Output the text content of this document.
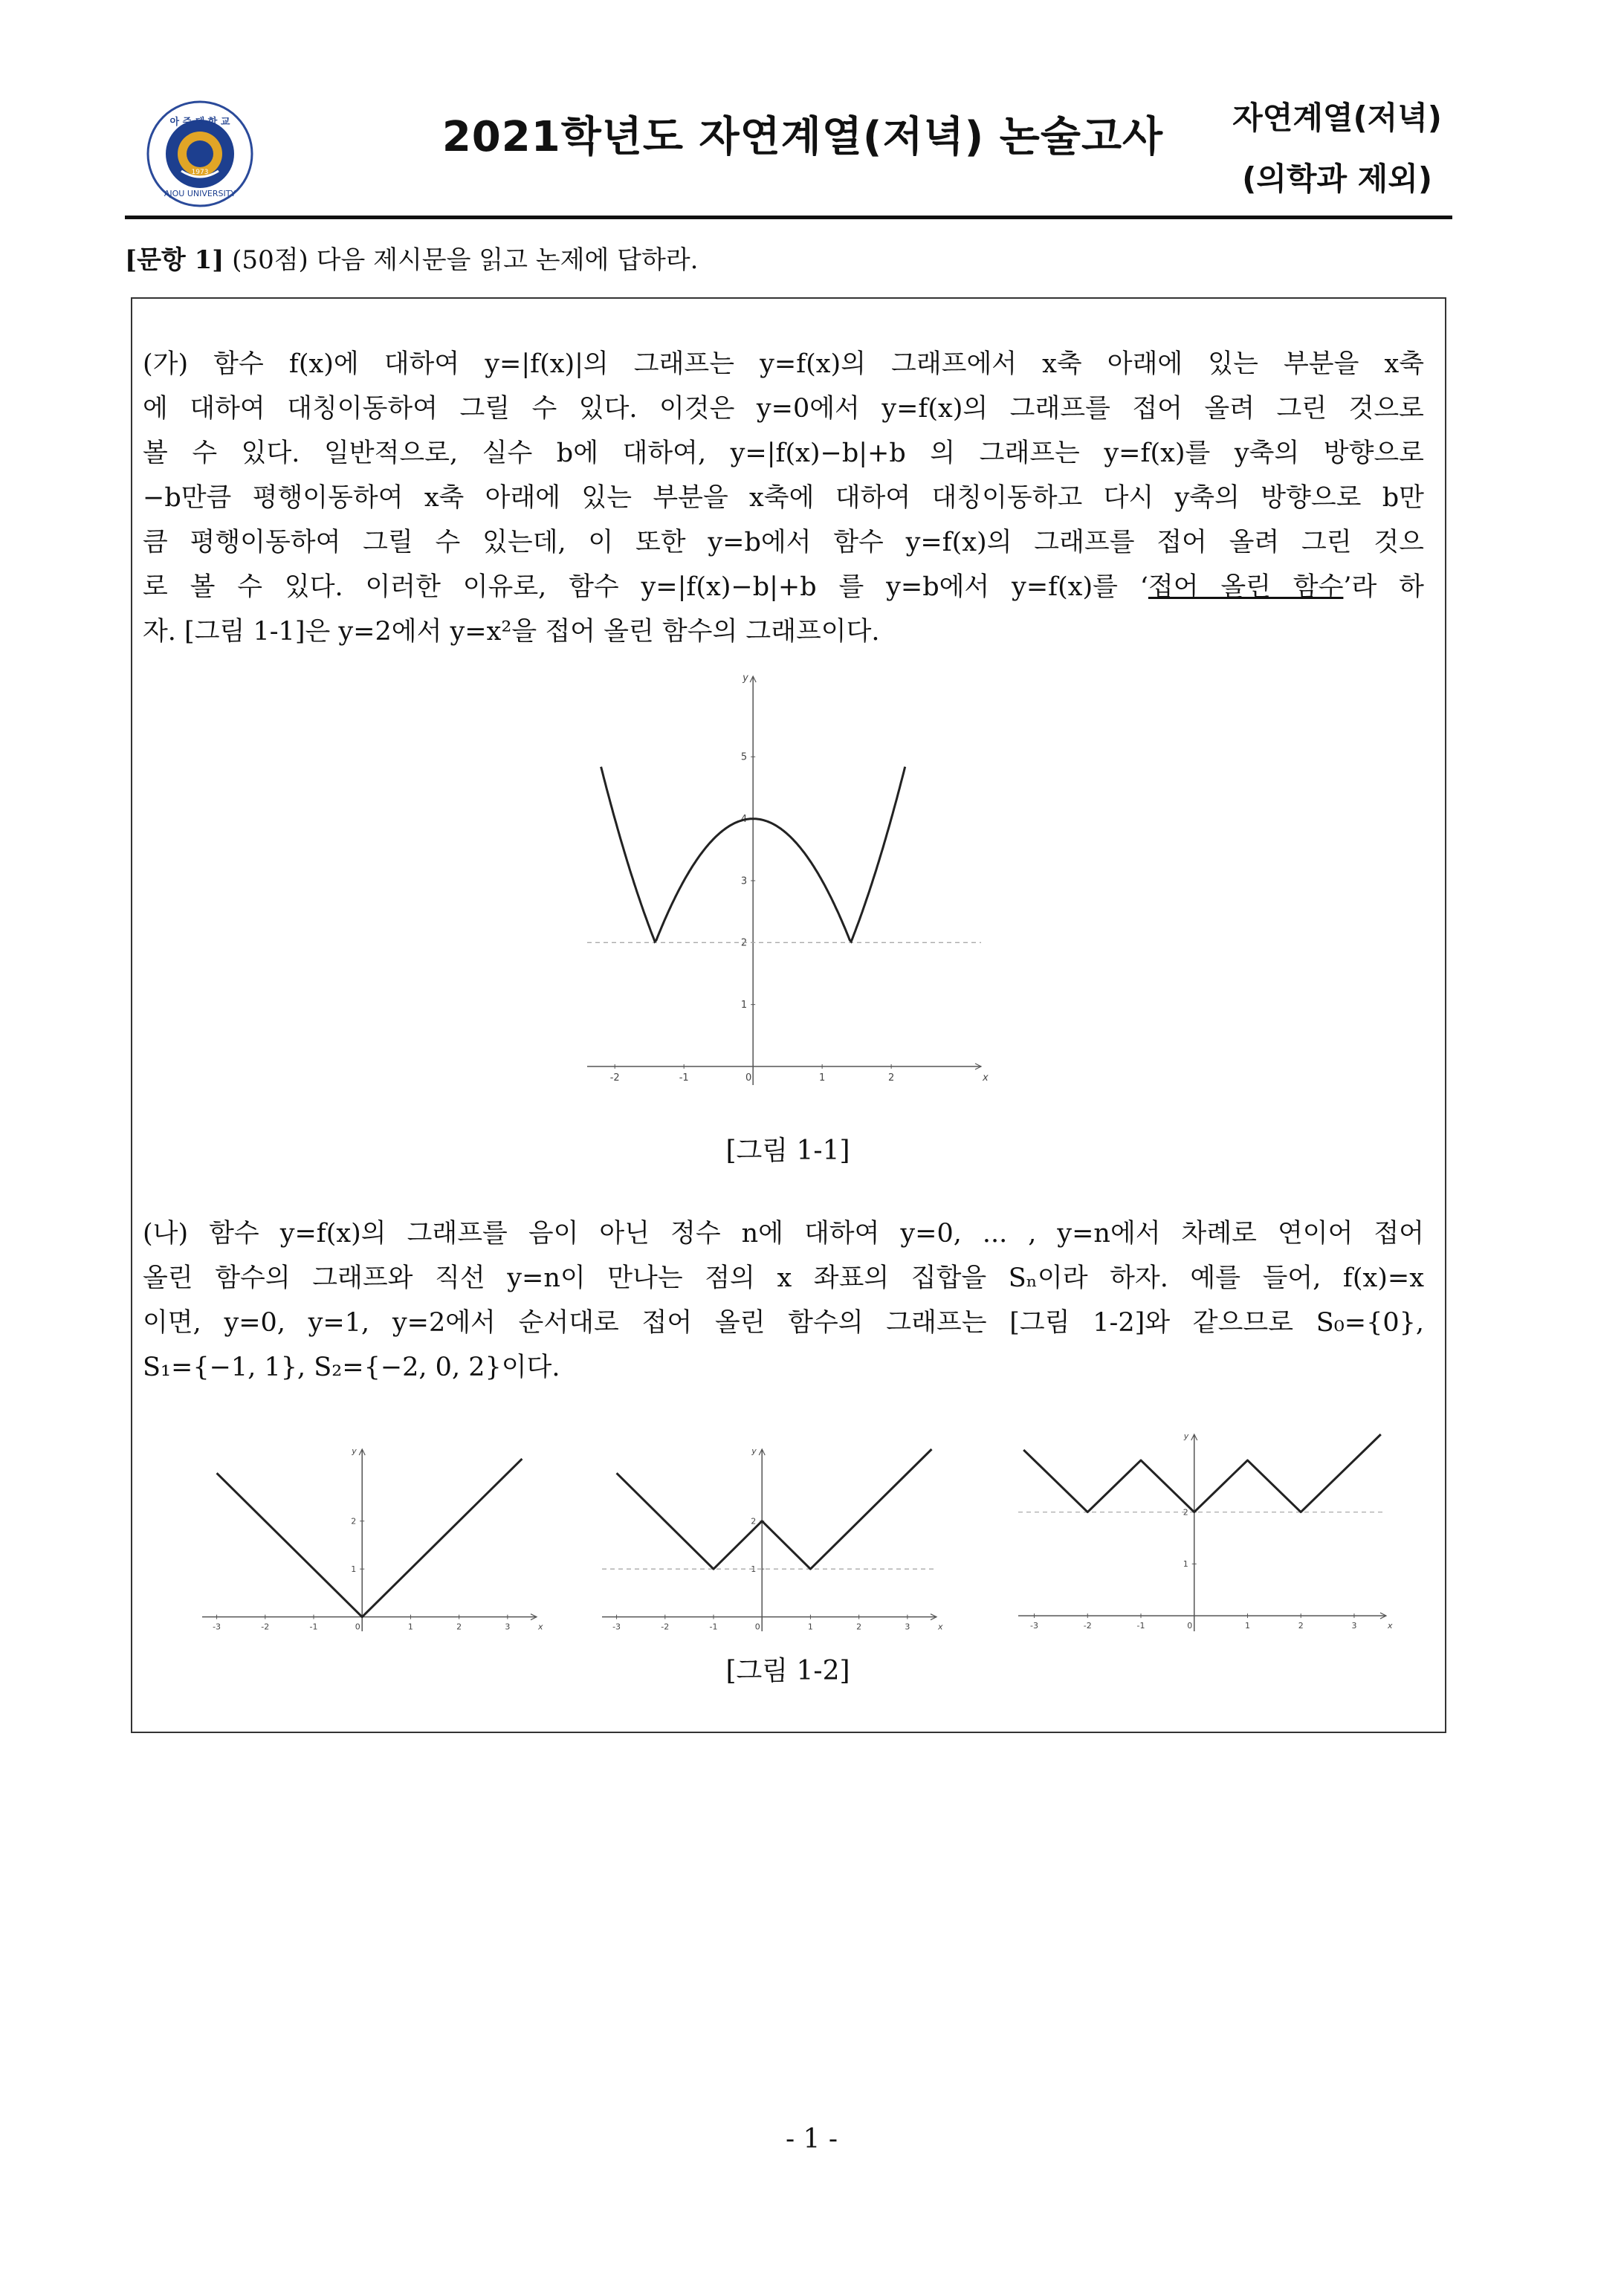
아 주 대 학 교
AJOU UNIVERSITY
1973
2021학년도 자연계열(저녁) 논술고사	자연계열(저녁)
(의학과 제외)
[문항 1] (50점) 다음 제시문을 읽고 논제에 답하라.
(가) 함수 f(x)에 대하여 y=|f(x)|의 그래프는 y=f(x)의 그래프에서 x축 아래에 있는 부분을 x축
에 대하여 대칭이동하여 그릴 수 있다. 이것은 y=0에서 y=f(x)의 그래프를 접어 올려 그린 것으로
볼 수 있다. 일반적으로, 실수 b에 대하여, y=|f(x)−b|+b 의 그래프는 y=f(x)를 y축의 방향으로
−b만큼 평행이동하여 x축 아래에 있는 부분을 x축에 대하여 대칭이동하고 다시 y축의 방향으로 b만
큼 평행이동하여 그릴 수 있는데, 이 또한 y=b에서 함수 y=f(x)의 그래프를 접어 올려 그린 것으
로 볼 수 있다. 이러한 이유로, 함수 y=|f(x)−b|+b 를 y=b에서 y=f(x)를 ‘접어 올린 함수’라 하
자. [그림 1-1]은 y=2에서 y=x²을 접어 올린 함수의 그래프이다.
-2	-1	0	1	2
1
2
3
4
5
x
y
[그림 1-1]
(나) 함수 y=f(x)의 그래프를 음이 아닌 정수 n에 대하여 y=0, ... , y=n에서 차례로 연이어 접어
올린 함수의 그래프와 직선 y=n이 만나는 점의 x 좌표의 집합을 Sₙ이라 하자. 예를 들어, f(x)=x
이면, y=0, y=1, y=2에서 순서대로 접어 올린 함수의 그래프는 [그림 1-2]와 같으므로 S₀={0},
S₁={−1, 1}, S₂={−2, 0, 2}이다.
-3	-2	-1	0	1	2	3
1
2
x
y
-3	-2	-1	0	1	2	3
1
2
x
y
-3	-2	-1	0	1	2	3
1
2
x
y
[그림 1-2]
- 1 -
